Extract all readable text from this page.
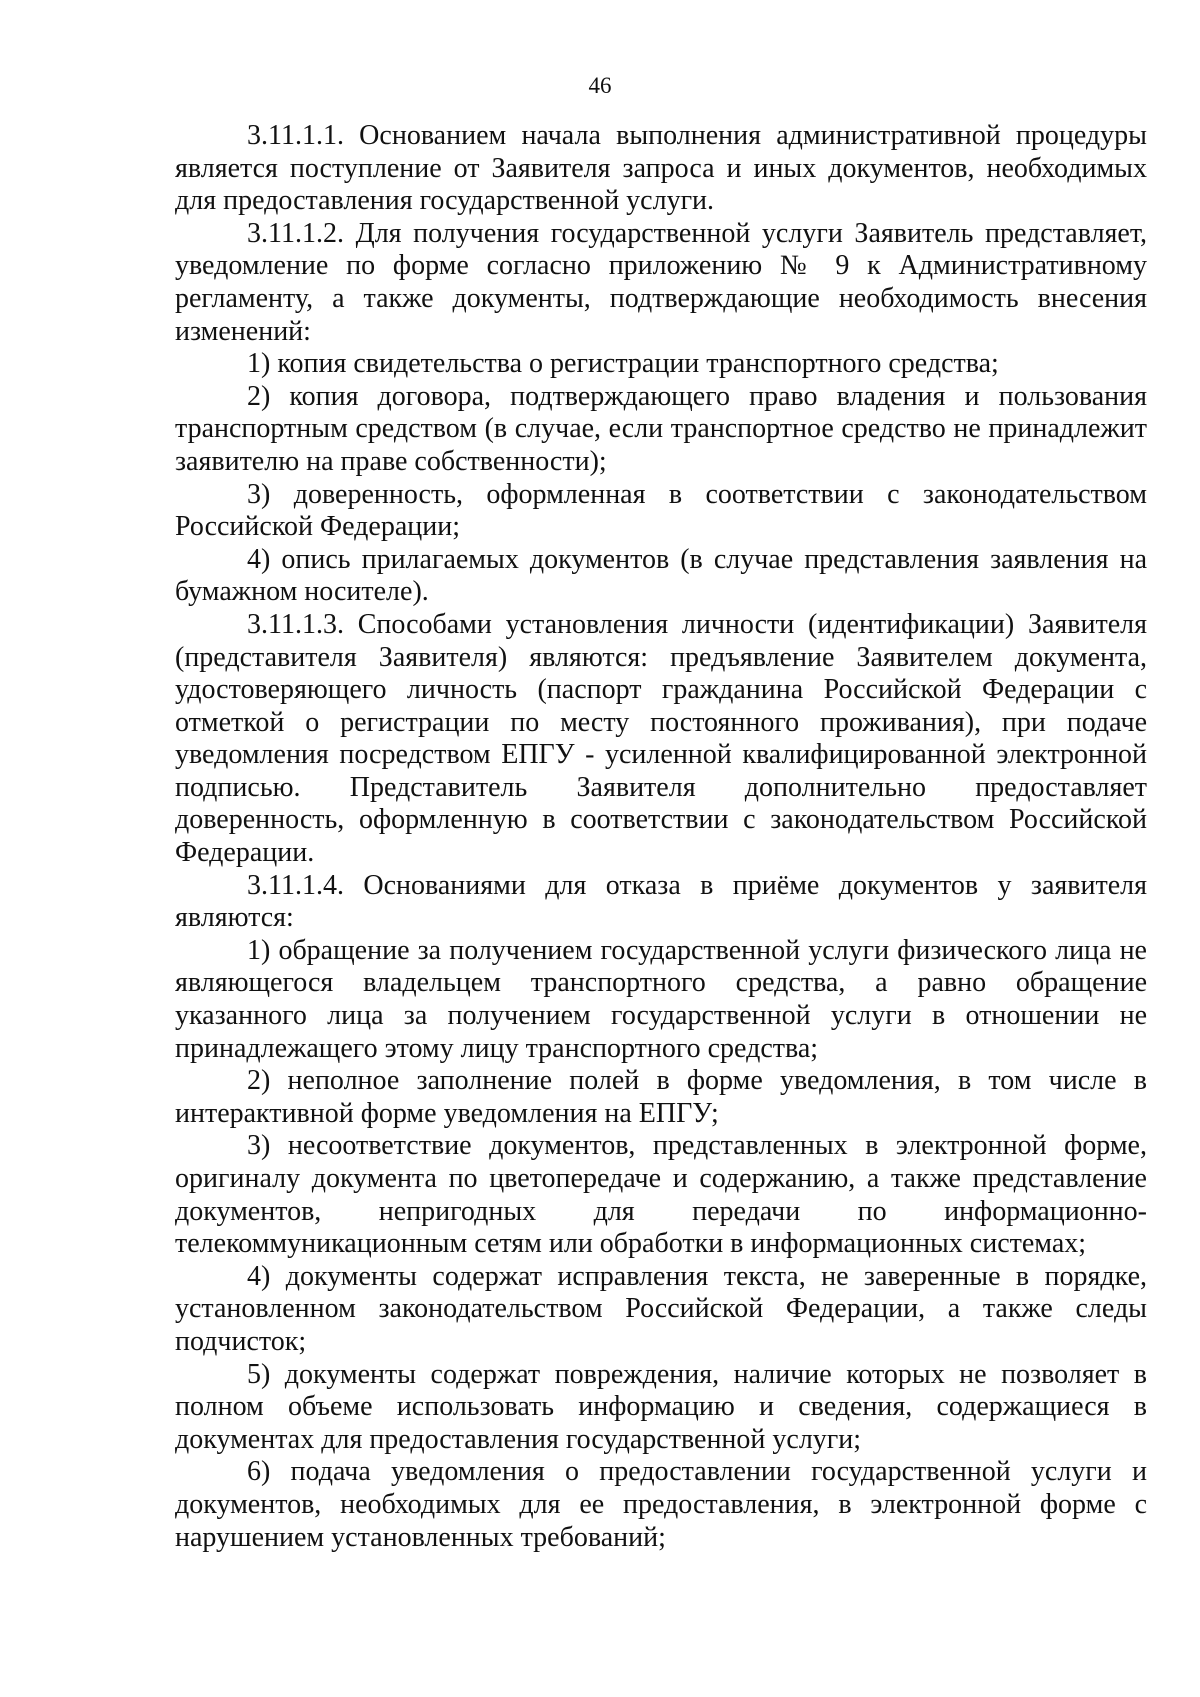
46

3.11.1.1. Основанием начала выполнения административной процедуры является поступление от Заявителя запроса и иных документов, необходимых для предоставления государственной услуги.

3.11.1.2. Для получения государственной услуги Заявитель представляет, уведомление по форме согласно приложению № 9 к Административному регламенту, а также документы, подтверждающие необходимость внесения изменений:

1) копия свидетельства о регистрации транспортного средства;

2) копия договора, подтверждающего право владения и пользования транспортным средством (в случае, если транспортное средство не принадлежит заявителю на праве собственности);

3) доверенность, оформленная в соответствии с законодательством Российской Федерации;

4) опись прилагаемых документов (в случае представления заявления на бумажном носителе).

3.11.1.3. Способами установления личности (идентификации) Заявителя (представителя Заявителя) являются: предъявление Заявителем документа, удостоверяющего личность (паспорт гражданина Российской Федерации с отметкой о регистрации по месту постоянного проживания), при подаче уведомления посредством ЕПГУ - усиленной квалифицированной электронной подписью. Представитель Заявителя дополнительно предоставляет доверенность, оформленную в соответствии с законодательством Российской Федерации.

3.11.1.4. Основаниями для отказа в приёме документов у заявителя являются:

1) обращение за получением государственной услуги физического лица не являющегося владельцем транспортного средства, а равно обращение указанного лица за получением государственной услуги в отношении не принадлежащего этому лицу транспортного средства;

2) неполное заполнение полей в форме уведомления, в том числе в интерактивной форме уведомления на ЕПГУ;

3) несоответствие документов, представленных в электронной форме, оригиналу документа по цветопередаче и содержанию, а также представление документов, непригодных для передачи по информационно-телекоммуникационным сетям или обработки в информационных системах;

4) документы содержат исправления текста, не заверенные в порядке, установленном законодательством Российской Федерации, а также следы подчисток;

5) документы содержат повреждения, наличие которых не позволяет в полном объеме использовать информацию и сведения, содержащиеся в документах для предоставления государственной услуги;

6) подача уведомления о предоставлении государственной услуги и документов, необходимых для ее предоставления, в электронной форме с нарушением установленных требований;
